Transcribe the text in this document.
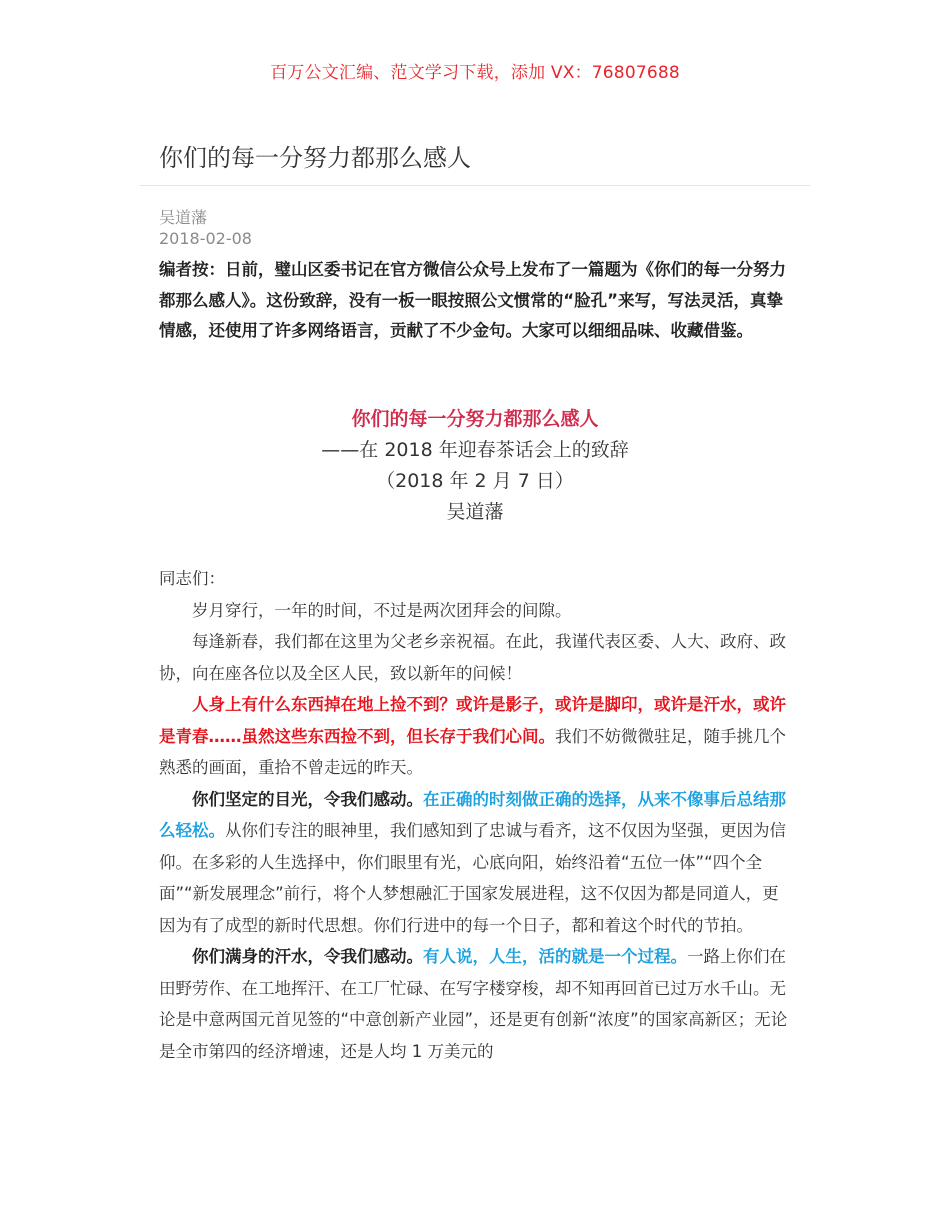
百万公文汇编、范文学习下载，添加 VX：76807688
你们的每一分努力都那么感人
吴道藩
2018-02-08
编者按：日前，璧山区委书记在官方微信公众号上发布了一篇题为《你们的每一分努力都那么感人》。这份致辞，没有一板一眼按照公文惯常的“脸孔”来写，写法灵活，真挚情感，还使用了许多网络语言，贡献了不少金句。大家可以细细品味、收藏借鉴。
你们的每一分努力都那么感人
——在 2018 年迎春茶话会上的致辞
（2018 年 2 月 7 日）
吴道藩

同志们：

岁月穿行，一年的时间，不过是两次团拜会的间隙。

每逢新春，我们都在这里为父老乡亲祝福。在此，我谨代表区委、人大、政府、政协，向在座各位以及全区人民，致以新年的问候！

人身上有什么东西掉在地上捡不到？或许是影子，或许是脚印，或许是汗水，或许是青春……虽然这些东西捡不到，但长存于我们心间。我们不妨微微驻足，随手挑几个熟悉的画面，重拾不曾走远的昨天。

你们坚定的目光，令我们感动。在正确的时刻做正确的选择，从来不像事后总结那么轻松。从你们专注的眼神里，我们感知到了忠诚与看齐，这不仅因为坚强，更因为信仰。在多彩的人生选择中，你们眼里有光，心底向阳，始终沿着“五位一体”“四个全面”“新发展理念”前行，将个人梦想融汇于国家发展进程，这不仅因为都是同道人，更因为有了成型的新时代思想。你们行进中的每一个日子，都和着这个时代的节拍。

你们满身的汗水，令我们感动。有人说，人生，活的就是一个过程。一路上你们在田野劳作、在工地挥汗、在工厂忙碌、在写字楼穿梭，却不知再回首已过万水千山。无论是中意两国元首见签的“中意创新产业园”，还是更有创新“浓度”的国家高新区；无论是全市第四的经济增速，还是人均 1 万美元的
